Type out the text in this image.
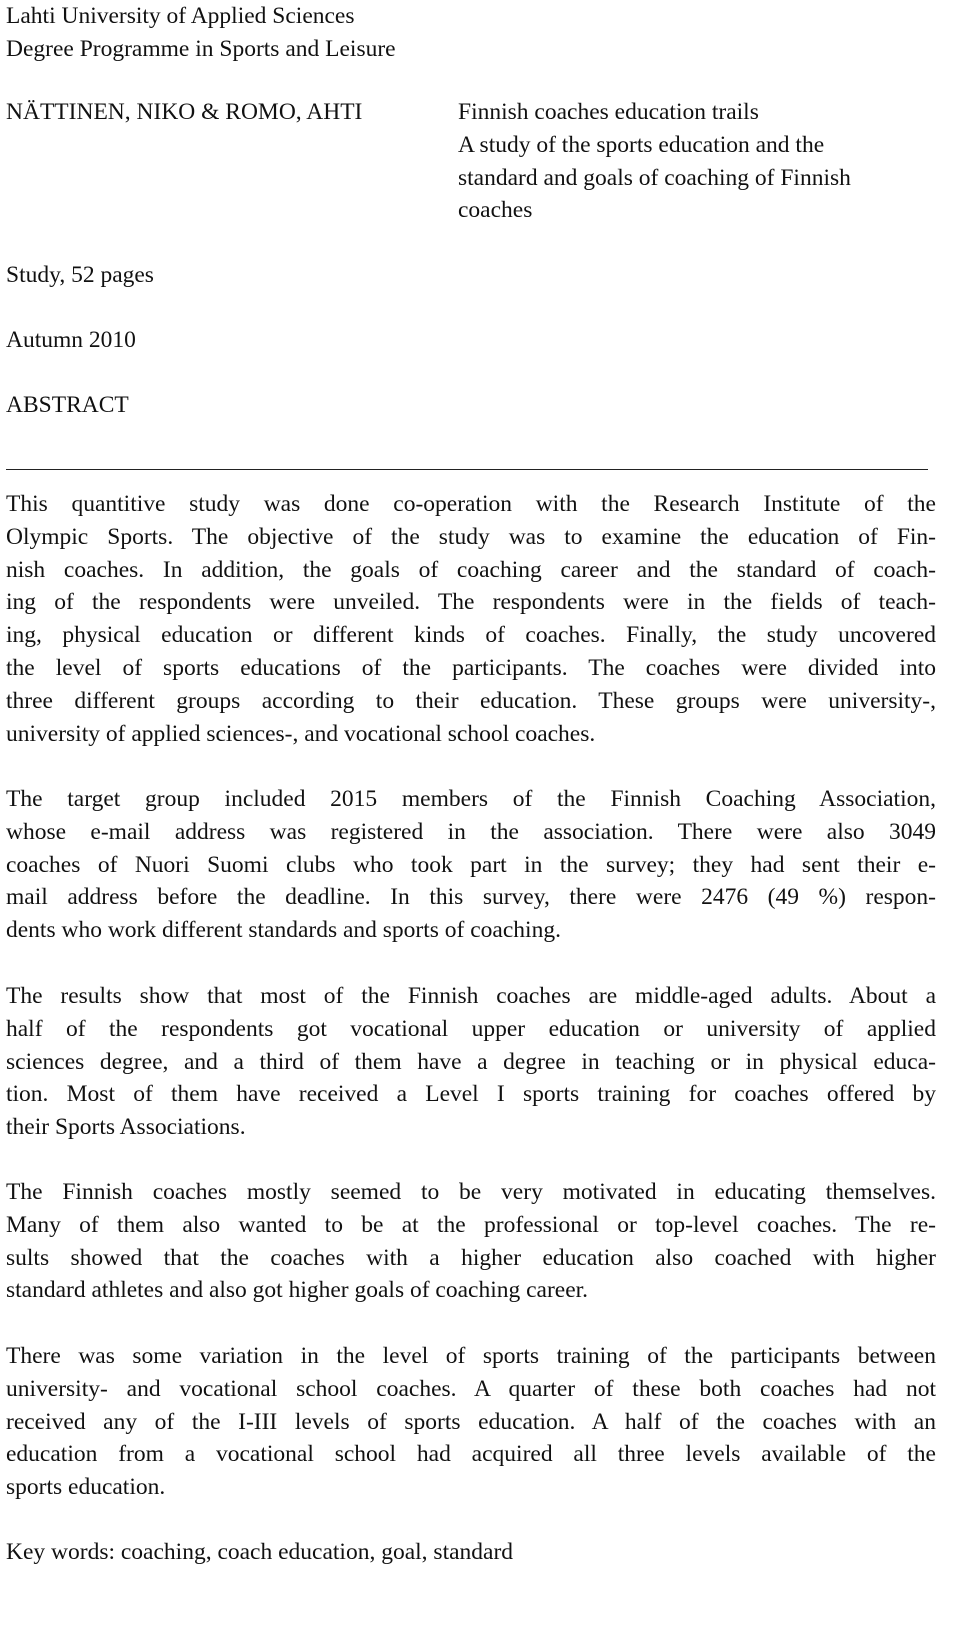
Lahti University of Applied Sciences
Degree Programme in Sports and Leisure
NÄTTINEN, NIKO & ROMO, AHTI	Finnish coaches education trails
A study of the sports education and the
standard and goals of coaching of Finnish
coaches
Study, 52 pages
Autumn 2010
ABSTRACT
This quantitive study was done co-operation with the Research Institute of the
Olympic Sports. The objective of the study was to examine the education of Fin-
nish coaches. In addition, the goals of coaching career and the standard of coach-
ing of the respondents were unveiled. The respondents were in the fields of teach-
ing, physical education or different kinds of coaches. Finally, the study uncovered
the level of sports educations of the participants. The coaches were divided into
three different groups according to their education. These groups were university-,
university of applied sciences-, and vocational school coaches.
The target group included 2015 members of the Finnish Coaching Association,
whose e-mail address was registered in the association. There were also 3049
coaches of Nuori Suomi clubs who took part in the survey; they had sent their e-
mail address before the deadline. In this survey, there were 2476 (49 %) respon-
dents who work different standards and sports of coaching.
The results show that most of the Finnish coaches are middle-aged adults. About a
half of the respondents got vocational upper education or university of applied
sciences degree, and a third of them have a degree in teaching or in physical educa-
tion. Most of them have received a Level I sports training for coaches offered by
their Sports Associations.
The Finnish coaches mostly seemed to be very motivated in educating themselves.
Many of them also wanted to be at the professional or top-level coaches. The re-
sults showed that the coaches with a higher education also coached with higher
standard athletes and also got higher goals of coaching career.
There was some variation in the level of sports training of the participants between
university- and vocational school coaches. A quarter of these both coaches had not
received any of the I-III levels of sports education. A half of the coaches with an
education from a vocational school had acquired all three levels available of the
sports education.
Key words: coaching, coach education, goal, standard
